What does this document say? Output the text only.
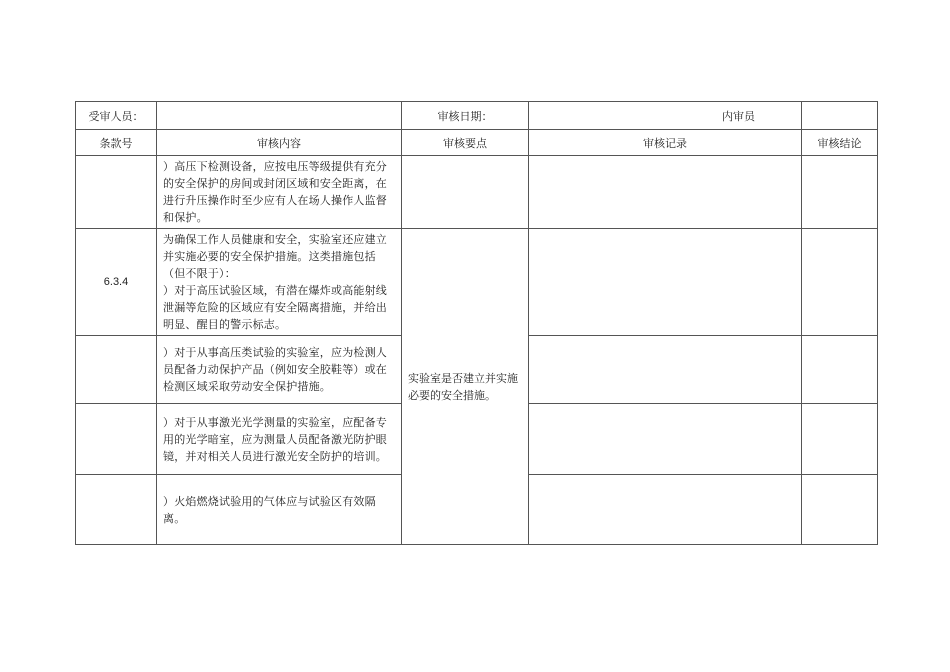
受审人员：		审核日期：	内审员	
条款号	审核内容	审核要点	审核记录	审核结论
	）高压下检测设备，应按电压等级提供有充分的安全保护的房间或封闭区域和安全距离，在进行升压操作时至少应有人在场人操作人监督和保护。			
6.3.4	为确保工作人员健康和安全，实验室还应建立并实施必要的安全保护措施。这类措施包括（但不限于）：
）对于高压试验区域，有潜在爆炸或高能射线泄漏等危险的区域应有安全隔离措施，并给出明显、醒目的警示标志。	实验室是否建立并实施必要的安全措施。		
	）对于从事高压类试验的实验室，应为检测人员配备力动保护产品（例如安全胶鞋等）或在检测区域采取劳动安全保护措施。			
	）对于从事激光光学测量的实验室，应配备专用的光学暗室，应为测量人员配备激光防护眼镜，并对相关人员进行激光安全防护的培训。			
	）火焰燃烧试验用的气体应与试验区有效隔离。			
